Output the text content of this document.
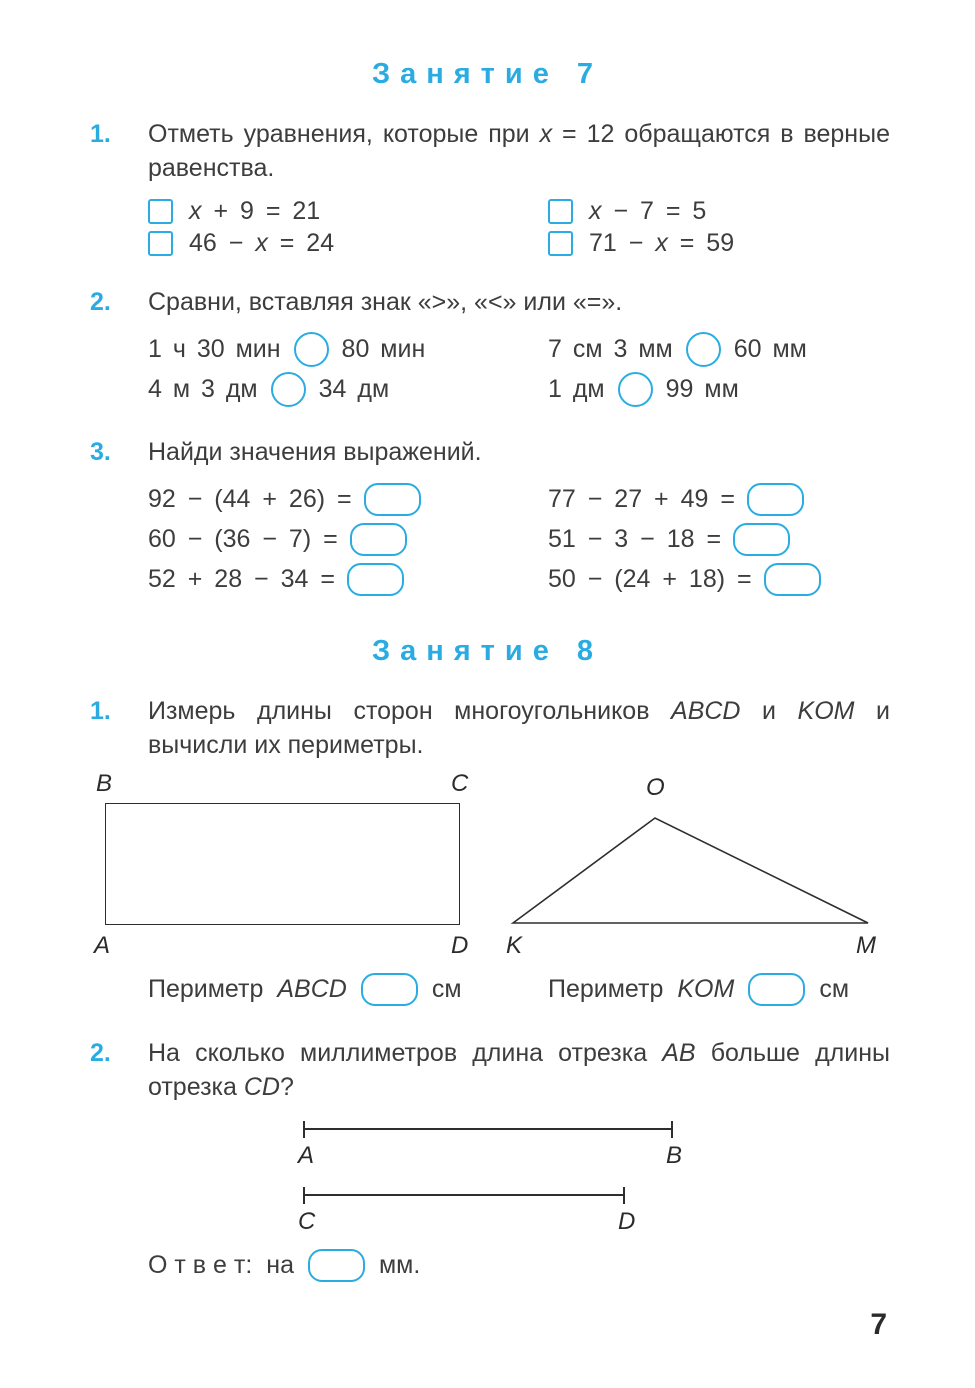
Занятие 7
1.	Отметь уравнения, которые при x = 12 обращаются в верные равенства.

x + 9 = 21	x − 7 = 5
46 − x = 24	71 − x = 59
2.	Сравни, вставляя знак «>», «<» или «=».

1 ч 30 мин 80 мин	7 см 3 мм 60 мм
4 м 3 дм 34 дм	1 дм 99 мм
3.	Найди значения выражений.

92 − (44 + 26) =	77 − 27 + 49 =
60 − (36 − 7) =	51 − 3 − 18 =
52 + 28 − 34 =	50 − (24 + 18) =
Занятие 8
1.	Измерь длины сторон многоугольников ABCD и KOM и вычисли их периметры.

B	C
A	D
O
K	M
Периметр ABCD	см	Периметр KOM	см
2.	На сколько миллиметров длина отрезка AB больше длины отрезка CD?

A	B
C	D
О т в е т: на	мм.
7
